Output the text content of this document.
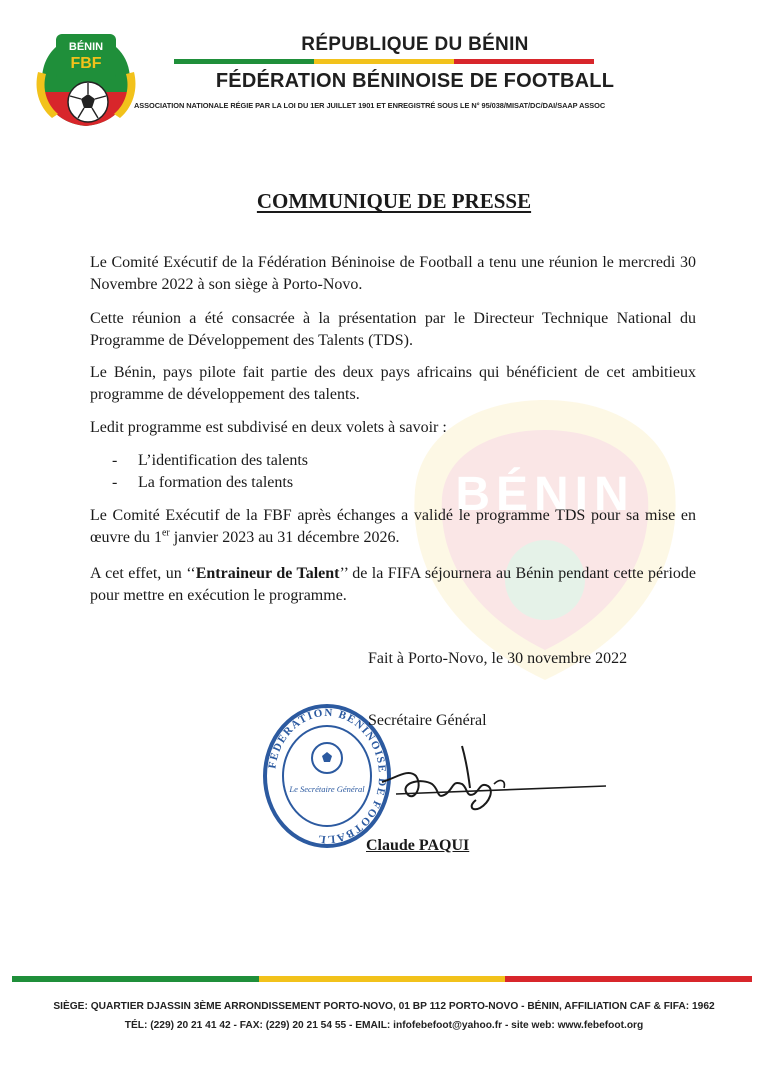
BÉNIN
BÉNIN
FBF
RÉPUBLIQUE DU BÉNIN
FÉDÉRATION BÉNINOISE DE FOOTBALL
ASSOCIATION NATIONALE RÉGIE PAR LA LOI DU 1ER JUILLET 1901 ET ENREGISTRÉ SOUS LE N° 95/038/MISAT/DC/DAI/SAAP ASSOC
COMMUNIQUE DE PRESSE
Le Comité Exécutif de la Fédération Béninoise de Football a tenu une réunion le mercredi 30 Novembre 2022 à son siège à Porto-Novo.
Cette réunion a été consacrée à la présentation par le Directeur Technique National du Programme de Développement des Talents (TDS).
Le Bénin, pays pilote fait partie des deux pays africains qui bénéficient de cet ambitieux programme de développement des talents.
Ledit programme est subdivisé en deux volets à savoir :
- L’identification des talents
- La formation des talents
Le Comité Exécutif de la FBF après échanges a validé le programme TDS pour sa mise en œuvre du 1er janvier 2023 au 31 décembre 2026.
A cet effet, un ‘‘Entraineur de Talent’’ de la FIFA séjournera au Bénin pendant cette période pour mettre en exécution le programme.
Fait à Porto-Novo, le 30 novembre 2022
FÉDÉRATION BÉNINOISE DE FOOTBALL
Le Secrétaire Général
Secrétaire Général
Claude PAQUI
SIÈGE: QUARTIER DJASSIN 3ÈME ARRONDISSEMENT PORTO-NOVO, 01 BP 112 PORTO-NOVO - BÉNIN, AFFILIATION CAF & FIFA: 1962
TÉL: (229) 20 21 41 42 - FAX: (229) 20 21 54 55 - EMAIL: infofebefoot@yahoo.fr - site web: www.febefoot.org
